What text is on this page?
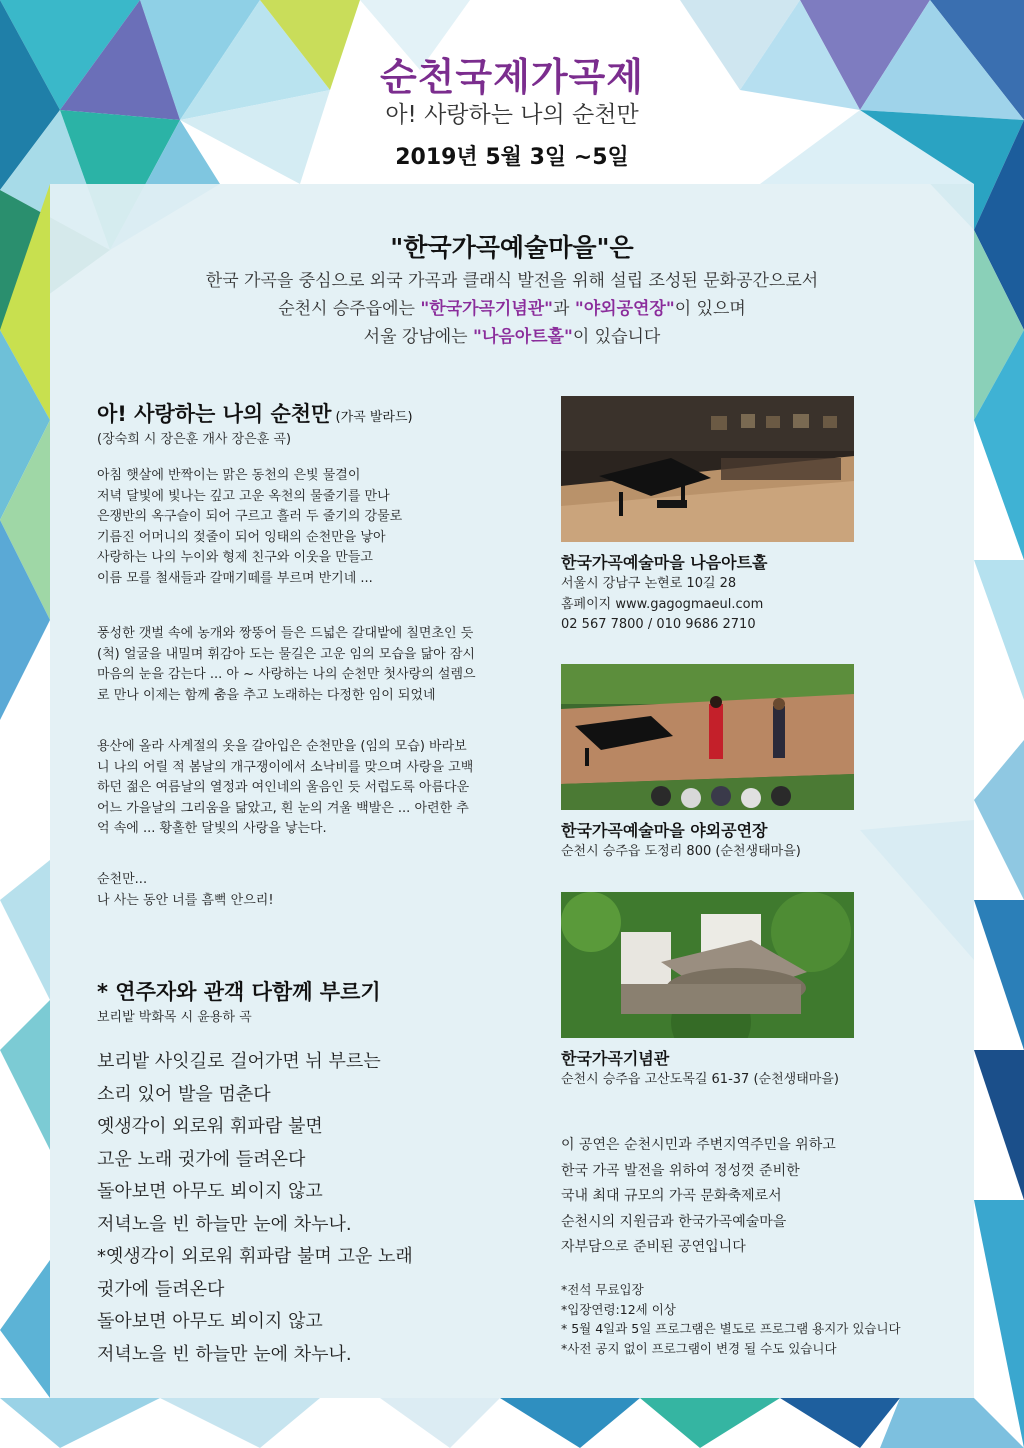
순천국제가곡제
아! 사랑하는 나의 순천만
2019년 5월 3일 ~5일
"한국가곡예술마을"은
한국 가곡을 중심으로 외국 가곡과 클래식 발전을 위해 설립 조성된 문화공간으로서
순천시 승주읍에는 "한국가곡기념관"과 "야외공연장"이 있으며
서울 강남에는 "나음아트홀"이 있습니다
아! 사랑하는 나의 순천만 (가곡 발라드)
(장숙희 시 장은훈 개사 장은훈 곡)
아침 햇살에 반짝이는 맑은 동천의 은빛 물결이
저녁 달빛에 빛나는 깊고 고운 옥천의 물줄기를 만나
은쟁반의 옥구슬이 되어 구르고 흘러 두 줄기의 강물로
기름진 어머니의 젖줄이 되어 잉태의 순천만을 낳아
사랑하는 나의 누이와 형제 친구와 이웃을 만들고
이름 모를 철새들과 갈매기떼를 부르며 반기네 ...
풍성한 갯벌 속에 농개와 짱뚱어 들은 드넓은 갈대밭에 칠면초인 듯
(척) 얼굴을 내밀며 휘감아 도는 물길은 고운 임의 모습을 닮아 잠시
마음의 눈을 감는다 ... 아 ~ 사랑하는 나의 순천만 첫사랑의 설렘으
로 만나 이제는 함께 춤을 추고 노래하는 다정한 임이 되었네
용산에 올라 사계절의 옷을 갈아입은 순천만을 (임의 모습) 바라보
니 나의 어릴 적 봄날의 개구쟁이에서 소낙비를 맞으며 사랑을 고백
하던 젊은 여름날의 열정과 여인네의 울음인 듯 서럽도록 아름다운
어느 가을날의 그리움을 닮았고, 흰 눈의 겨울 백발은 ... 아련한 추
억 속에 ... 황홀한 달빛의 사랑을 낳는다.
순천만...
나 사는 동안 너를 흠뻑 안으리!
* 연주자와 관객 다함께 부르기
보리밭 박화목 시 윤용하 곡
보리밭 사잇길로 걸어가면 뉘 부르는
소리 있어 발을 멈춘다
옛생각이 외로워 휘파람 불면
고운 노래 귓가에 들려온다
돌아보면 아무도 뵈이지 않고
저녁노을 빈 하늘만 눈에 차누나.
*옛생각이 외로워 휘파람 불며 고운 노래
귓가에 들려온다
돌아보면 아무도 뵈이지 않고
저녁노을 빈 하늘만 눈에 차누나.
한국가곡예술마을 나음아트홀
서울시 강남구 논현로 10길 28
홈페이지 www.gagogmaeul.com
02 567 7800 / 010 9686 2710
한국가곡예술마을 야외공연장
순천시 승주읍 도정리 800 (순천생태마을)
한국가곡기념관
순천시 승주읍 고산도목길 61-37 (순천생태마을)
이 공연은 순천시민과 주변지역주민을 위하고
한국 가곡 발전을 위하여 정성껏 준비한
국내 최대 규모의 가곡 문화축제로서
순천시의 지원금과 한국가곡예술마을
자부담으로 준비된 공연입니다
*전석 무료입장
*입장연령:12세 이상
* 5월 4일과 5일 프로그램은 별도로 프로그램 용지가 있습니다
*사전 공지 없이 프로그램이 변경 될 수도 있습니다
